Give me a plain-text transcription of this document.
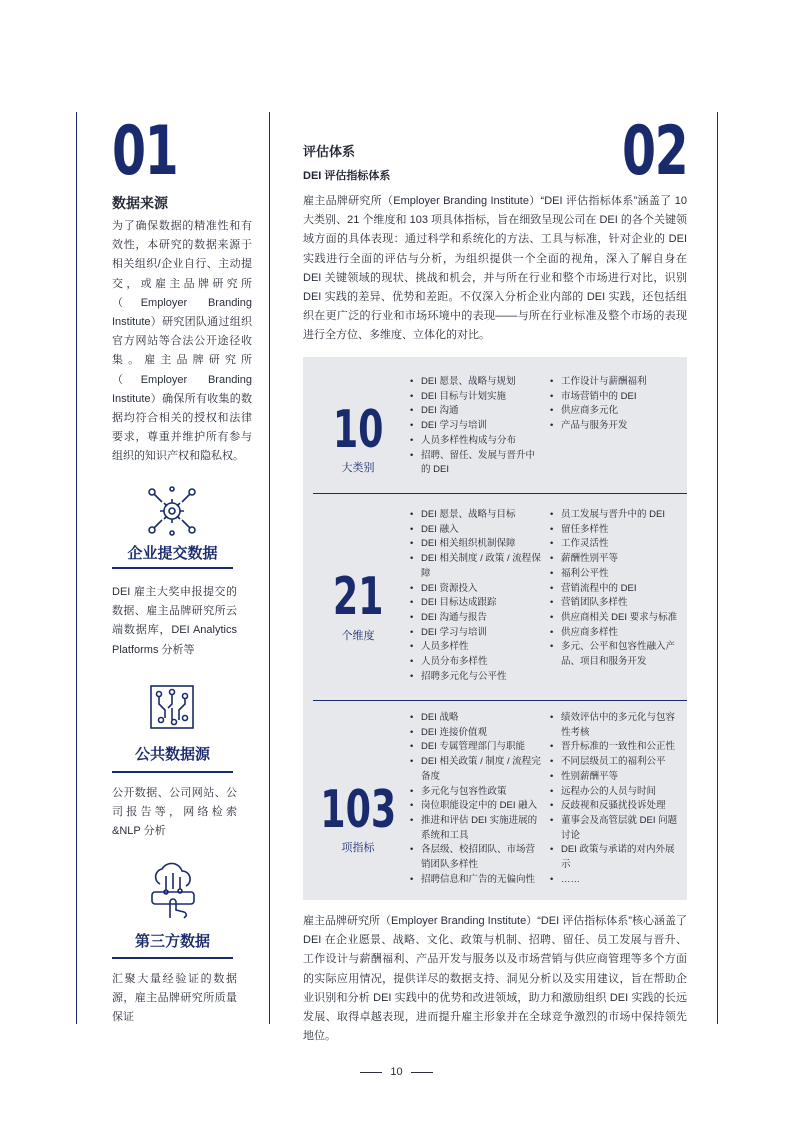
01
数据来源
为了确保数据的精准性和有效性，本研究的数据来源于相关组织/企业自行、主动提交，或雇主品牌研究所（Employer Branding Institute）研究团队通过组织官方网站等合法公开途径收集。雇主品牌研究所（Employer Branding Institute）确保所有收集的数据均符合相关的授权和法律要求，尊重并维护所有参与组织的知识产权和隐私权。
企业提交数据
DEI 雇主大奖申报提交的数据、雇主品牌研究所云端数据库，DEI Analytics Platforms 分析等
公共数据源
公开数据、公司网站、公司报告等，网络检索 &NLP 分析
第三方数据
汇聚大量经验证的数据源，雇主品牌研究所质量保证
02
评估体系
DEI 评估指标体系
雇主品牌研究所（Employer Branding Institute）“DEI 评估指标体系”涵盖了 10 大类别、21 个维度和 103 项具体指标，旨在细致呈现公司在 DEI 的各个关键领域方面的具体表现：通过科学和系统化的方法、工具与标准，针对企业的 DEI 实践进行全面的评估与分析，为组织提供一个全面的视角，深入了解自身在 DEI 关键领域的现状、挑战和机会，并与所在行业和整个市场进行对比，识别 DEI 实践的差异、优势和差距。不仅深入分析企业内部的 DEI 实践，还包括组织在更广泛的行业和市场环境中的表现——与所在行业标准及整个市场的表现进行全方位、多维度、立体化的对比。
10
大类别
• DEI 愿景、战略与规划
• DEI 目标与计划实施
• DEI 沟通
• DEI 学习与培训
• 人员多样性构成与分布
• 招聘、留任、发展与晋升中的 DEI
• 工作设计与薪酬福利
• 市场营销中的 DEI
• 供应商多元化
• 产品与服务开发
21
个维度
• DEI 愿景、战略与目标
• DEI 融入
• DEI 相关组织机制保障
• DEI 相关制度 / 政策 / 流程保障
• DEI 资源投入
• DEI 目标达成跟踪
• DEI 沟通与报告
• DEI 学习与培训
• 人员多样性
• 人员分布多样性
• 招聘多元化与公平性
• 员工发展与晋升中的 DEI
• 留任多样性
• 工作灵活性
• 薪酬性别平等
• 福利公平性
• 营销流程中的 DEI
• 营销团队多样性
• 供应商相关 DEI 要求与标准
• 供应商多样性
• 多元、公平和包容性融入产品、项目和服务开发
103
项指标
• DEI 战略
• DEI 连接价值观
• DEI 专属管理部门与职能
• DEI 相关政策 / 制度 / 流程完备度
• 多元化与包容性政策
• 岗位职能设定中的 DEI 融入
• 推进和评估 DEI 实施进展的系统和工具
• 各层级、校招团队、市场营销团队多样性
• 招聘信息和广告的无偏向性
• 绩效评估中的多元化与包容性考核
• 晋升标准的一致性和公正性
• 不同层级员工的福利公平
• 性别薪酬平等
• 远程办公的人员与时间
• 反歧视和反骚扰投诉处理
• 董事会及高管层就 DEI 问题讨论
• DEI 政策与承诺的对内外展示
• ……
雇主品牌研究所（Employer Branding Institute）“DEI 评估指标体系”核心涵盖了 DEI 在企业愿景、战略、文化、政策与机制、招聘、留任、员工发展与晋升、工作设计与薪酬福利、产品开发与服务以及市场营销与供应商管理等多个方面的实际应用情况，提供详尽的数据支持、洞见分析以及实用建议，旨在帮助企业识别和分析 DEI 实践中的优势和改进领域，助力和激励组织 DEI 实践的长远发展、取得卓越表现，进而提升雇主形象并在全球竞争激烈的市场中保持领先地位。
10
